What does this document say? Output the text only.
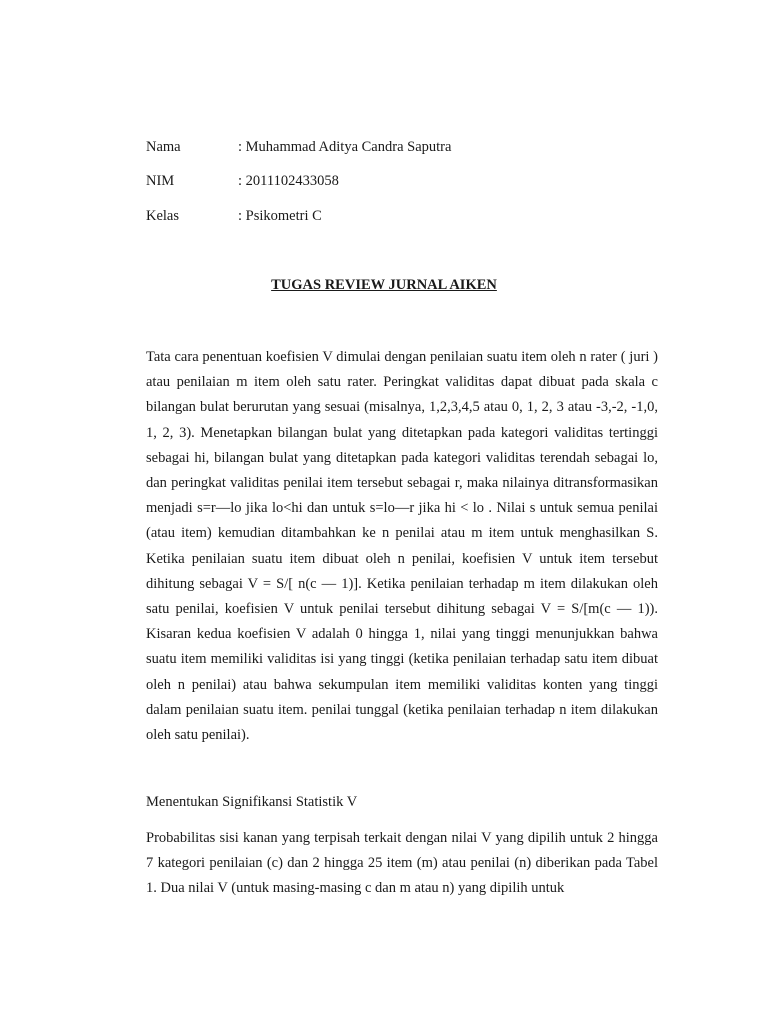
Nama	: Muhammad Aditya Candra Saputra
NIM	: 2011102433058
Kelas	: Psikometri C
TUGAS REVIEW JURNAL AIKEN

Tata cara penentuan koefisien V dimulai dengan penilaian suatu item oleh n rater ( juri ) atau penilaian m item oleh satu rater. Peringkat validitas dapat dibuat pada skala c bilangan bulat berurutan yang sesuai (misalnya, 1,2,3,4,5 atau 0, 1, 2, 3 atau -3,-2, -1,0, 1, 2, 3). Menetapkan bilangan bulat yang ditetapkan pada kategori validitas tertinggi sebagai hi, bilangan bulat yang ditetapkan pada kategori validitas terendah sebagai lo, dan peringkat validitas penilai item tersebut sebagai r, maka nilainya ditransformasikan menjadi s=r—lo jika lo<hi dan untuk s=lo—r jika hi < lo . Nilai s untuk semua penilai (atau item) kemudian ditambahkan ke n penilai atau m item untuk menghasilkan S. Ketika penilaian suatu item dibuat oleh n penilai, koefisien V untuk item tersebut dihitung sebagai V = S/[ n(c — 1)]. Ketika penilaian terhadap m item dilakukan oleh satu penilai, koefisien V untuk penilai tersebut dihitung sebagai V = S/[m(c — 1)). Kisaran kedua koefisien V adalah 0 hingga 1, nilai yang tinggi menunjukkan bahwa suatu item memiliki validitas isi yang tinggi (ketika penilaian terhadap satu item dibuat oleh n penilai) atau bahwa sekumpulan item memiliki validitas konten yang tinggi dalam penilaian suatu item. penilai tunggal (ketika penilaian terhadap n item dilakukan oleh satu penilai).

Menentukan Signifikansi Statistik V

Probabilitas sisi kanan yang terpisah terkait dengan nilai V yang dipilih untuk 2 hingga 7 kategori penilaian (c) dan 2 hingga 25 item (m) atau penilai (n) diberikan pada Tabel 1. Dua nilai V (untuk masing-masing c dan m atau n) yang dipilih untuk
